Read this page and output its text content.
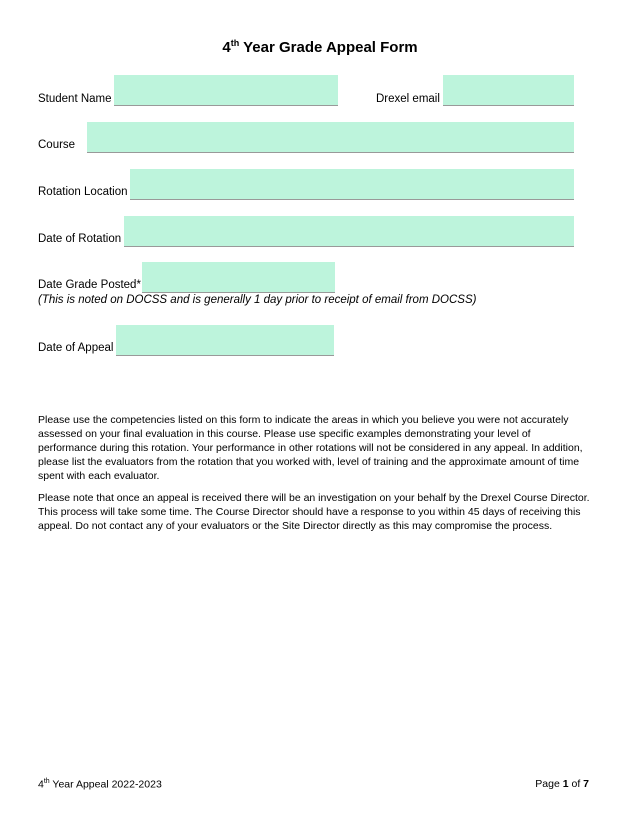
4th Year Grade Appeal Form
Student Name	Drexel email
Course
Rotation Location
Date of Rotation
Date Grade Posted*
(This is noted on DOCSS and is generally 1 day prior to receipt of email from DOCSS)
Date of Appeal

Please use the competencies listed on this form to indicate the areas in which you believe you were not accurately assessed on your final evaluation in this course. Please use specific examples demonstrating your level of performance during this rotation. Your performance in other rotations will not be considered in any appeal. In addition, please list the evaluators from the rotation that you worked with, level of training and the approximate amount of time spent with each evaluator.

Please note that once an appeal is received there will be an investigation on your behalf by the Drexel Course Director. This process will take some time. The Course Director should have a response to you within 45 days of receiving this appeal. Do not contact any of your evaluators or the Site Director directly as this may compromise the process.

4th Year Appeal 2022-2023	Page 1 of 7
